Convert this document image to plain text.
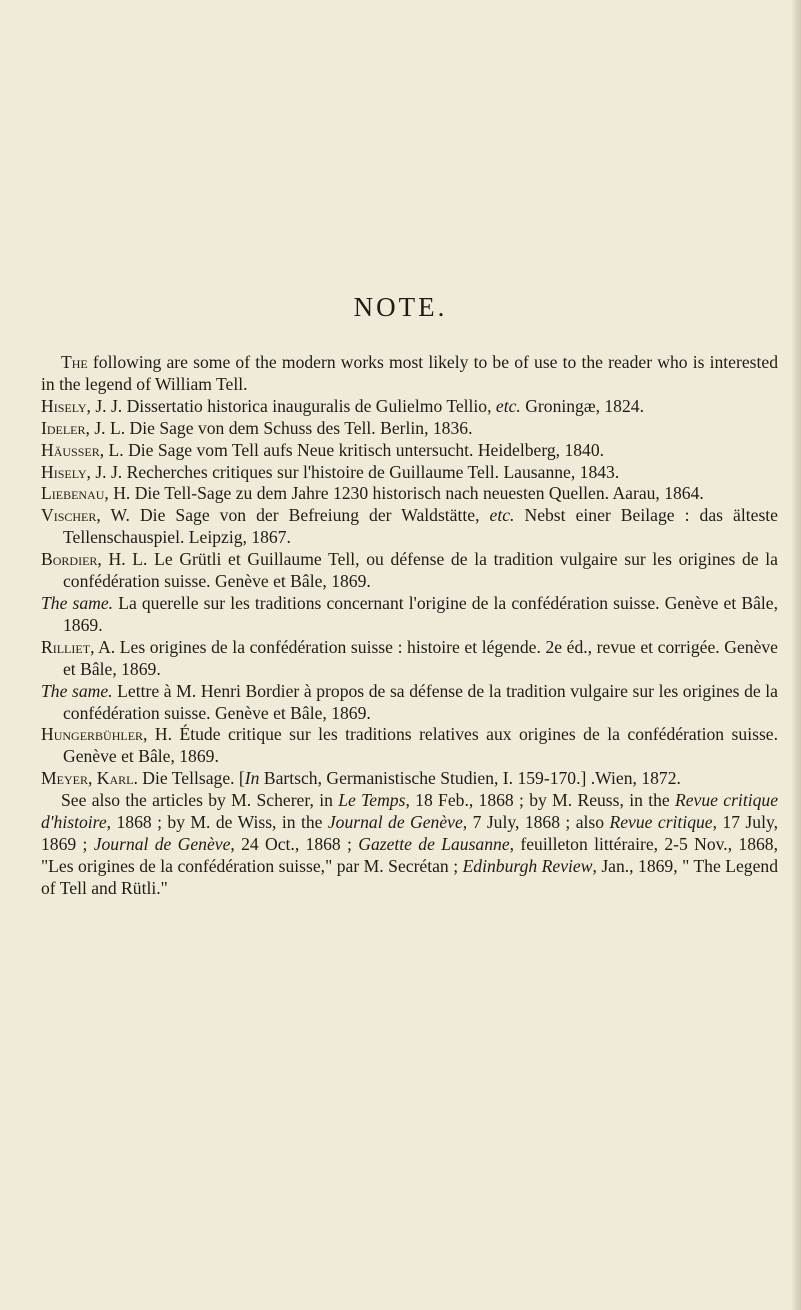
NOTE.

The following are some of the modern works most likely to be of use to the reader who is interested in the legend of William Tell.

Hisely, J. J. Dissertatio historica inauguralis de Gulielmo Tellio, etc. Groningæ, 1824.

Ideler, J. L. Die Sage von dem Schuss des Tell. Berlin, 1836.

Häusser, L. Die Sage vom Tell aufs Neue kritisch untersucht. Heidelberg, 1840.

Hisely, J. J. Recherches critiques sur l'histoire de Guillaume Tell. Lausanne, 1843.

Liebenau, H. Die Tell-Sage zu dem Jahre 1230 historisch nach neuesten Quellen. Aarau, 1864.

Vischer, W. Die Sage von der Befreiung der Waldstätte, etc. Nebst einer Beilage : das älteste Tellenschauspiel. Leipzig, 1867.

Bordier, H. L. Le Grütli et Guillaume Tell, ou défense de la tradition vulgaire sur les origines de la confédération suisse. Genève et Bâle, 1869.

The same. La querelle sur les traditions concernant l'origine de la confédération suisse. Genève et Bâle, 1869.

Rilliet, A. Les origines de la confédération suisse : histoire et légende. 2e éd., revue et corrigée. Genève et Bâle, 1869.

The same. Lettre à M. Henri Bordier à propos de sa défense de la tradition vulgaire sur les origines de la confédération suisse. Genève et Bâle, 1869.

Hungerbühler, H. Étude critique sur les traditions relatives aux origines de la confédération suisse. Genève et Bâle, 1869.

Meyer, Karl. Die Tellsage. [In Bartsch, Germanistische Studien, I. 159-170.] .Wien, 1872.

See also the articles by M. Scherer, in Le Temps, 18 Feb., 1868 ; by M. Reuss, in the Revue critique d'histoire, 1868 ; by M. de Wiss, in the Journal de Genève, 7 July, 1868 ; also Revue critique, 17 July, 1869 ; Journal de Genève, 24 Oct., 1868 ; Gazette de Lausanne, feuilleton littéraire, 2-5 Nov., 1868, "Les origines de la confédération suisse," par M. Secrétan ; Edinburgh Review, Jan., 1869, " The Legend of Tell and Rütli."
